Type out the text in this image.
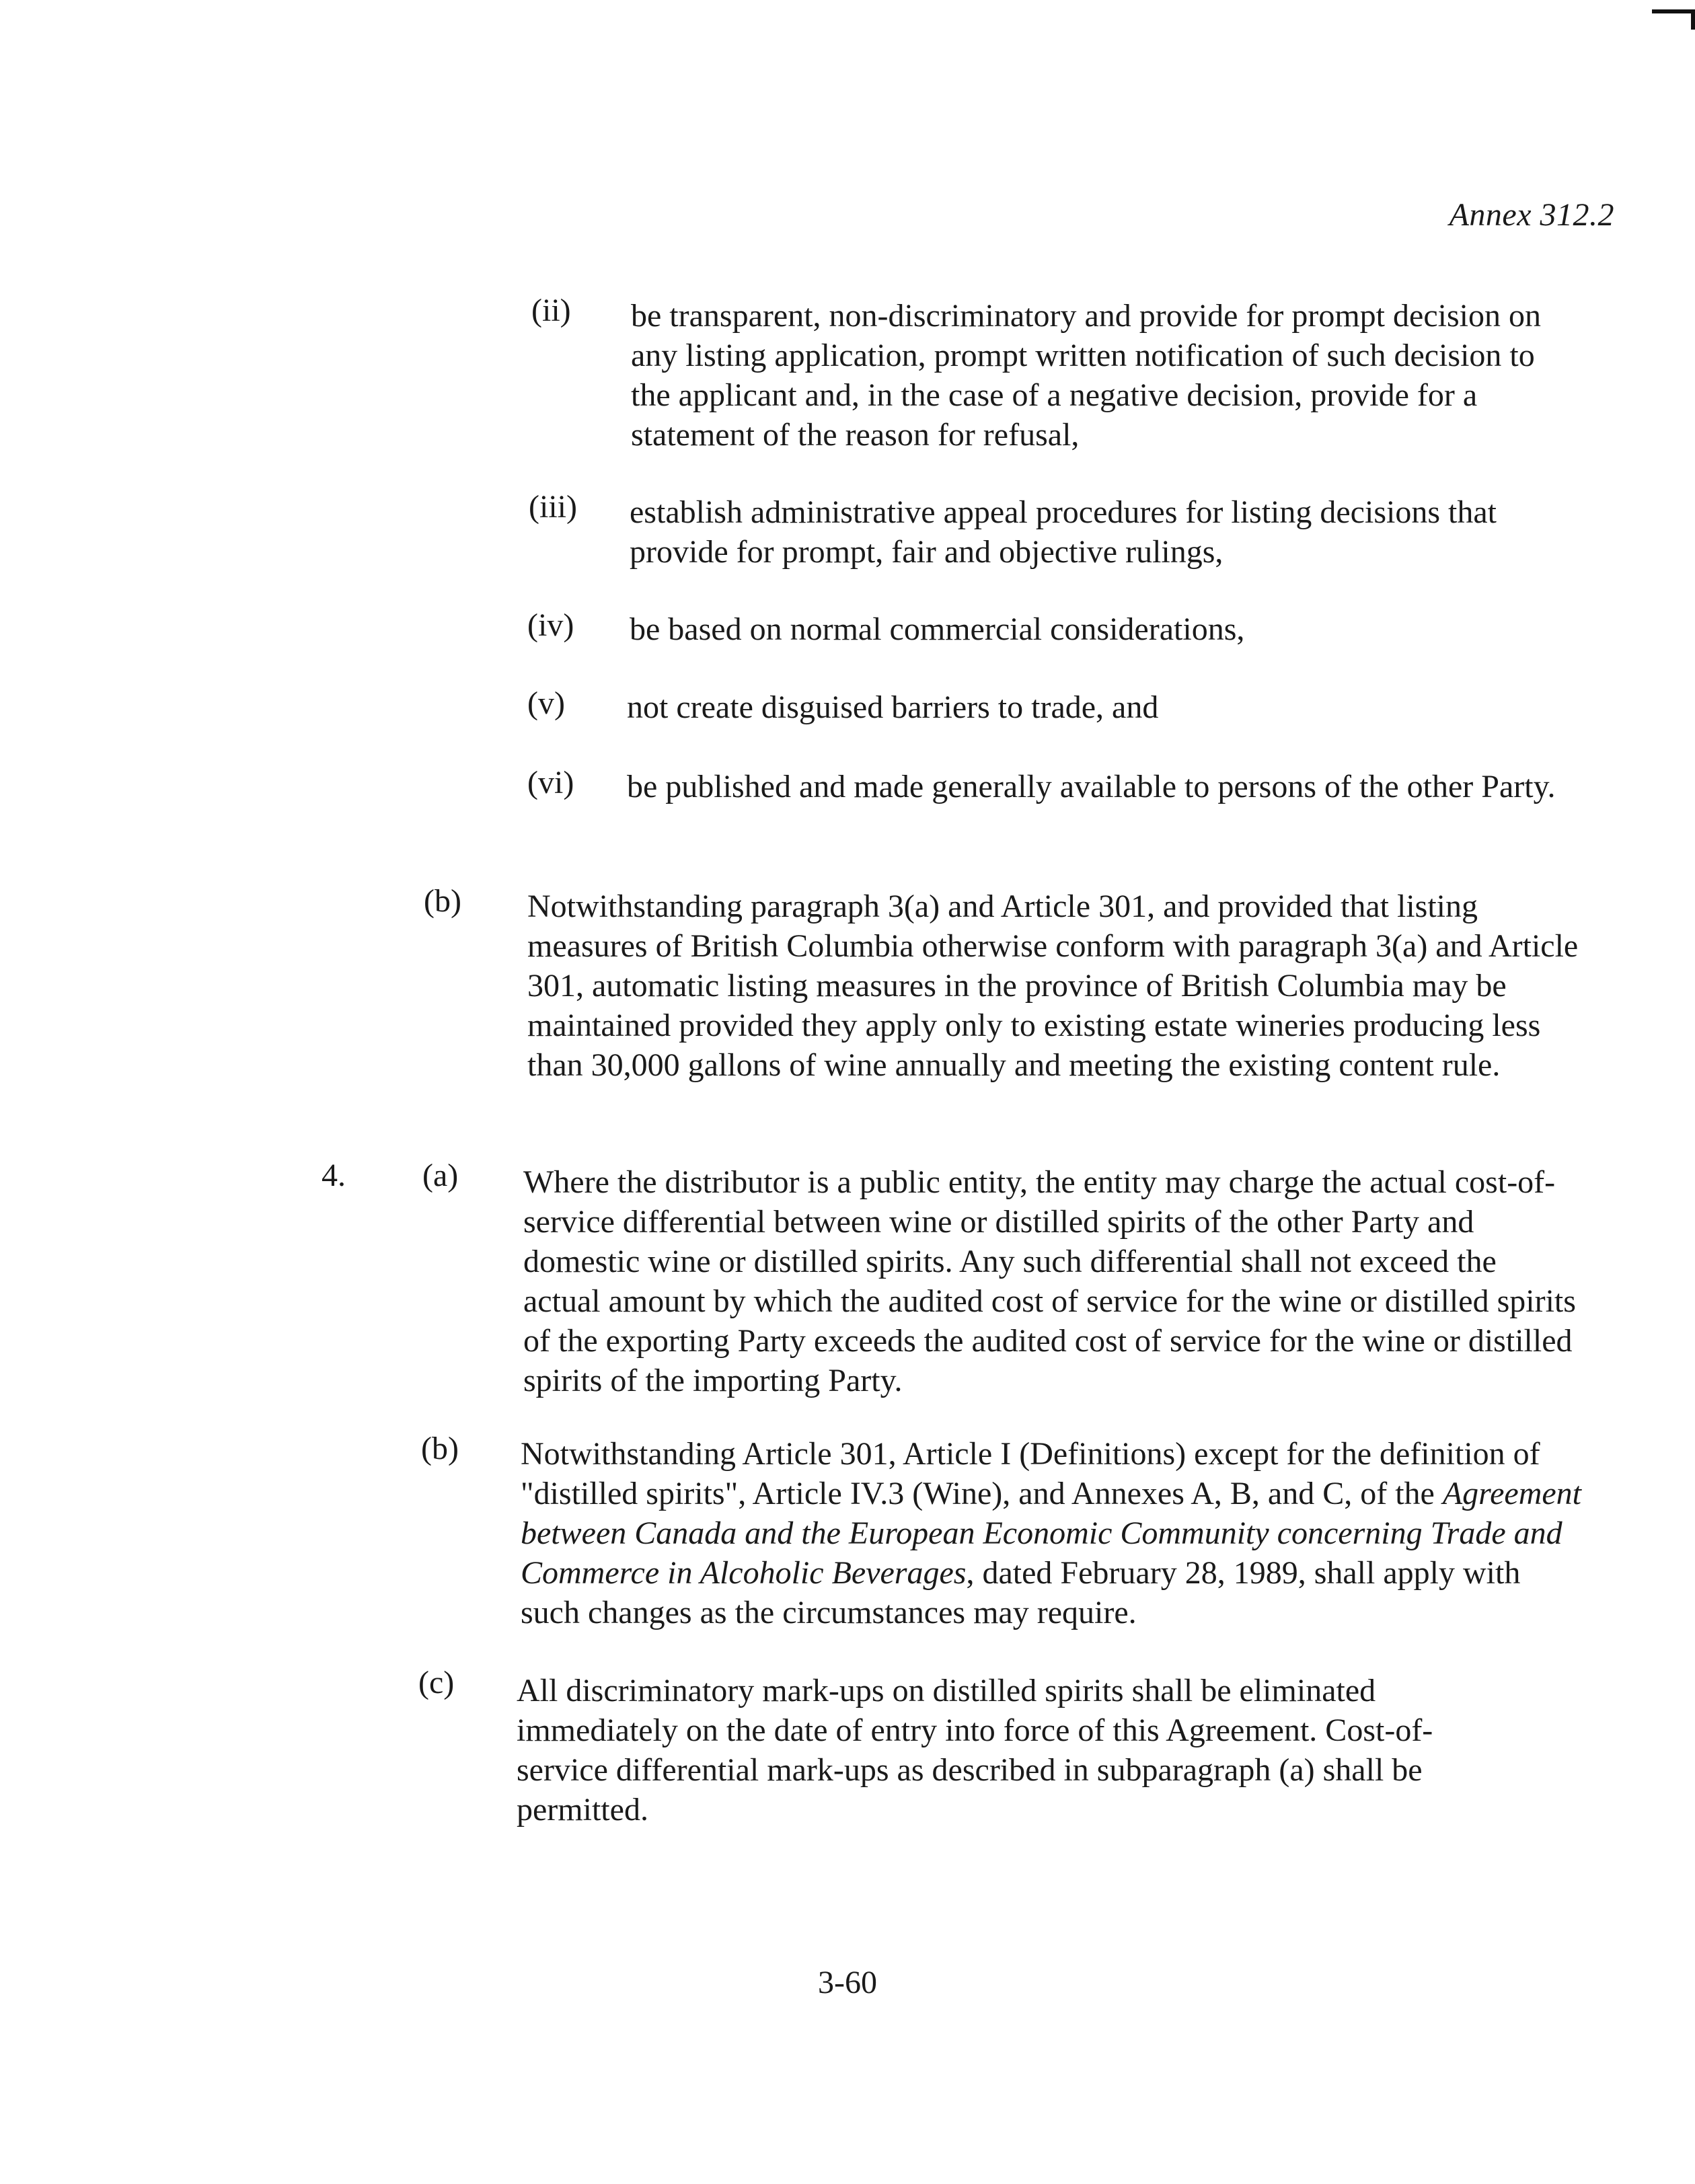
Annex 312.2
(ii) be transparent, non-discriminatory and provide for prompt decision on any listing application, prompt written notification of such decision to the applicant and, in the case of a negative decision, provide for a statement of the reason for refusal,
(iii) establish administrative appeal procedures for listing decisions that provide for prompt, fair and objective rulings,
(iv) be based on normal commercial considerations,
(v) not create disguised barriers to trade, and
(vi) be published and made generally available to persons of the other Party.
(b) Notwithstanding paragraph 3(a) and Article 301, and provided that listing measures of British Columbia otherwise conform with paragraph 3(a) and Article 301, automatic listing measures in the province of British Columbia may be maintained provided they apply only to existing estate wineries producing less than 30,000 gallons of wine annually and meeting the existing content rule.
4. (a) Where the distributor is a public entity, the entity may charge the actual cost-of-service differential between wine or distilled spirits of the other Party and domestic wine or distilled spirits. Any such differential shall not exceed the actual amount by which the audited cost of service for the wine or distilled spirits of the exporting Party exceeds the audited cost of service for the wine or distilled spirits of the importing Party.
(b) Notwithstanding Article 301, Article I (Definitions) except for the definition of "distilled spirits", Article IV.3 (Wine), and Annexes A, B, and C, of the Agreement between Canada and the European Economic Community concerning Trade and Commerce in Alcoholic Beverages, dated February 28, 1989, shall apply with such changes as the circumstances may require.
(c) All discriminatory mark-ups on distilled spirits shall be eliminated immediately on the date of entry into force of this Agreement. Cost-of-service differential mark-ups as described in subparagraph (a) shall be permitted.
3-60
